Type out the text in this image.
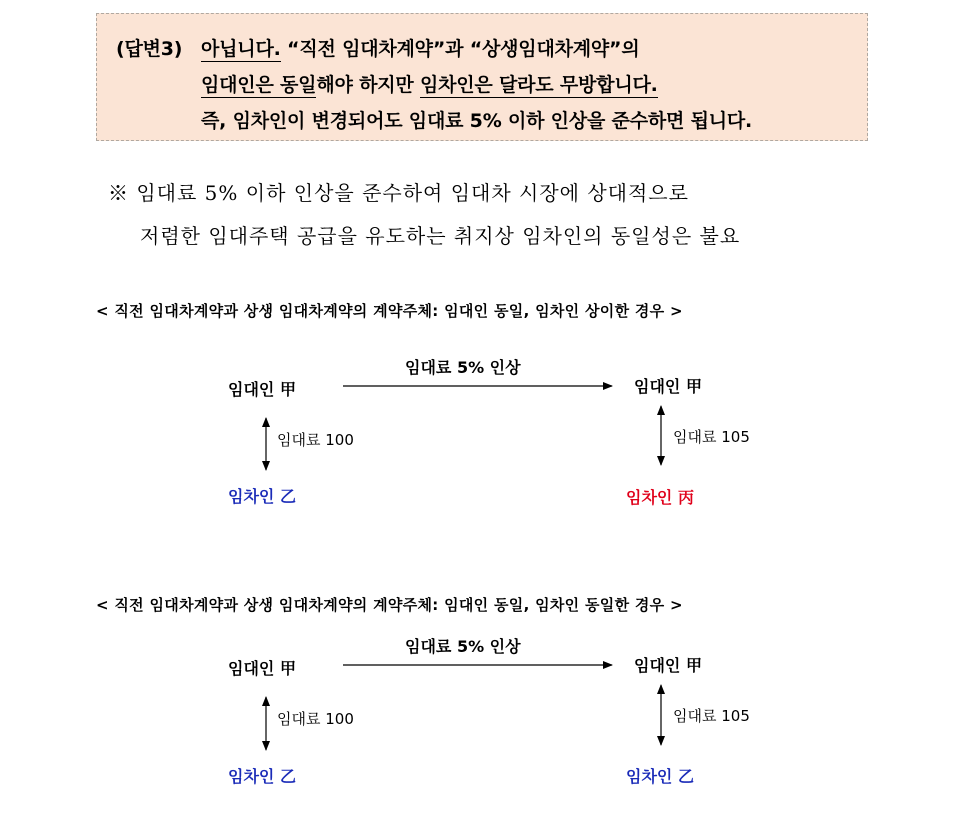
(답변3) 아닙니다. “직전 임대차계약”과 “상생임대차계약”의
임대인은 동일해야 하지만 임차인은 달라도 무방합니다.
즉, 임차인이 변경되어도 임대료 5% 이하 인상을 준수하면 됩니다.
※ 임대료 5% 이하 인상을 준수하여 임대차 시장에 상대적으로
저렴한 임대주택 공급을 유도하는 취지상 임차인의 동일성은 불요
< 직전 임대차계약과 상생 임대차계약의 계약주체: 임대인 동일, 임차인 상이한 경우 >
임대료 5% 인상
임대인 甲
임대료 100
임차인 乙
임대인 甲
임대료 105
임차인 丙
< 직전 임대차계약과 상생 임대차계약의 계약주체: 임대인 동일, 임차인 동일한 경우 >
임대료 5% 인상
임대인 甲
임대료 100
임차인 乙
임대인 甲
임대료 105
임차인 乙
